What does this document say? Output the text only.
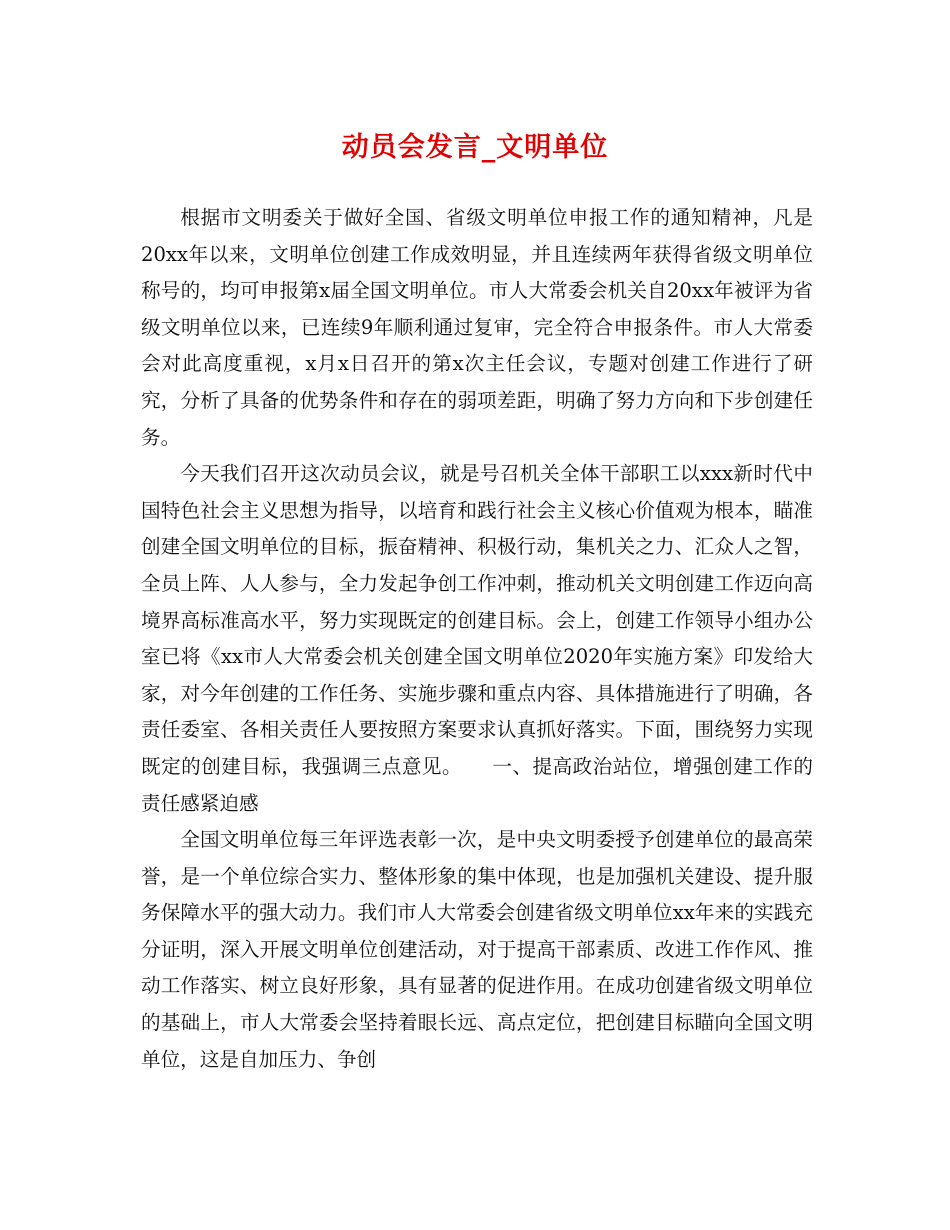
动员会发言_文明单位

根据市文明委关于做好全国、省级文明单位申报工作的通知精神，凡是20xx年以来，文明单位创建工作成效明显，并且连续两年获得省级文明单位称号的，均可申报第x届全国文明单位。市人大常委会机关自20xx年被评为省级文明单位以来，已连续9年顺利通过复审，完全符合申报条件。市人大常委会对此高度重视，x月x日召开的第x次主任会议，专题对创建工作进行了研究，分析了具备的优势条件和存在的弱项差距，明确了努力方向和下步创建任务。

今天我们召开这次动员会议，就是号召机关全体干部职工以xxx新时代中国特色社会主义思想为指导，以培育和践行社会主义核心价值观为根本，瞄准创建全国文明单位的目标，振奋精神、积极行动，集机关之力、汇众人之智，全员上阵、人人参与，全力发起争创工作冲刺，推动机关文明创建工作迈向高境界高标准高水平，努力实现既定的创建目标。会上，创建工作领导小组办公室已将《xx市人大常委会机关创建全国文明单位2020年实施方案》印发给大家，对今年创建的工作任务、实施步骤和重点内容、具体措施进行了明确，各责任委室、各相关责任人要按照方案要求认真抓好落实。下面，围绕努力实现既定的创建目标，我强调三点意见。　　一、提高政治站位，增强创建工作的责任感紧迫感

全国文明单位每三年评选表彰一次，是中央文明委授予创建单位的最高荣誉，是一个单位综合实力、整体形象的集中体现，也是加强机关建设、提升服务保障水平的强大动力。我们市人大常委会创建省级文明单位xx年来的实践充分证明，深入开展文明单位创建活动，对于提高干部素质、改进工作作风、推动工作落实、树立良好形象，具有显著的促进作用。在成功创建省级文明单位的基础上，市人大常委会坚持着眼长远、高点定位，把创建目标瞄向全国文明单位，这是自加压力、争创
